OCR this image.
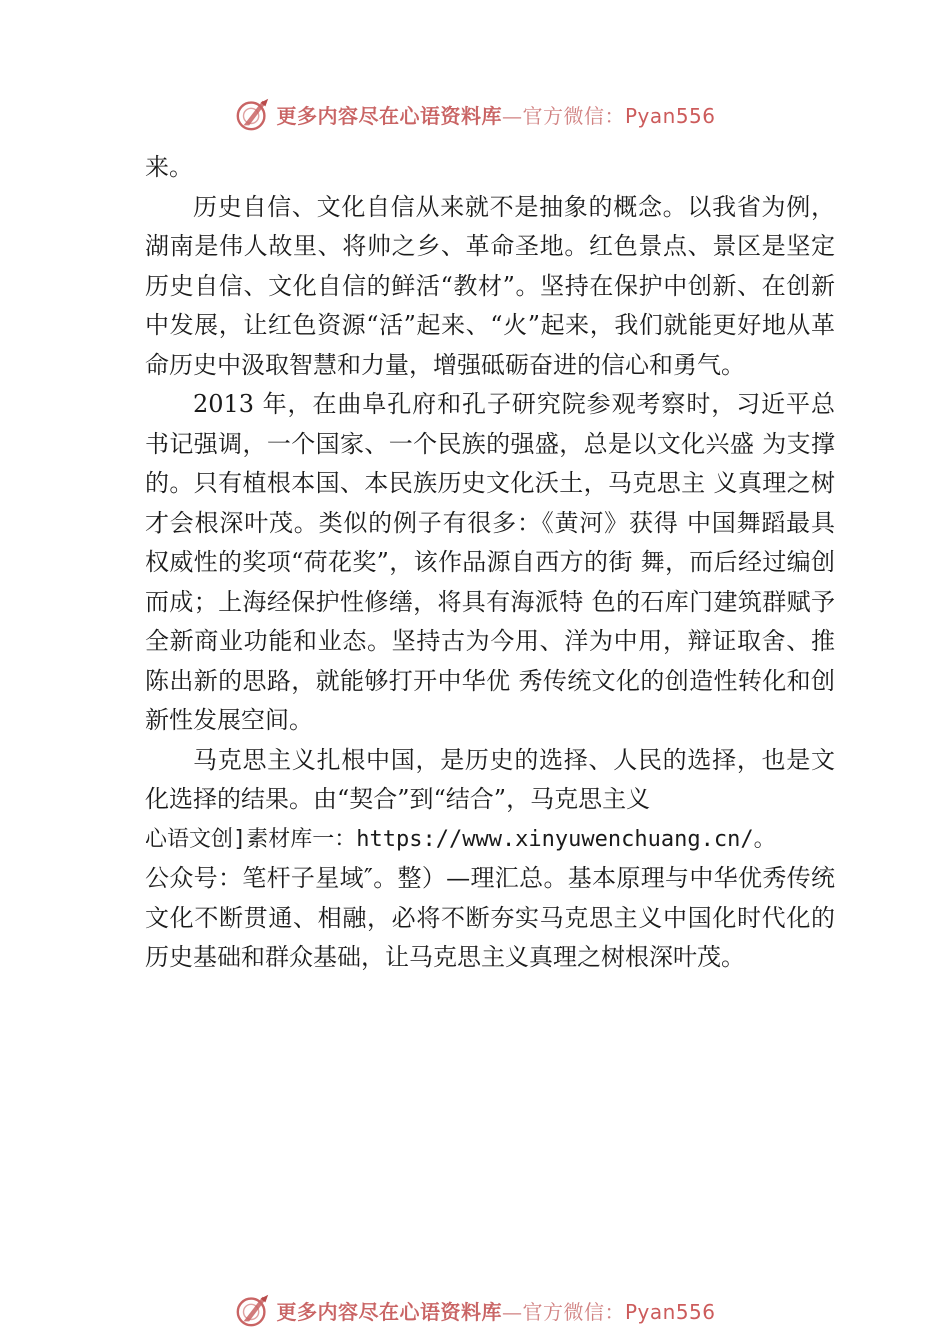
更多内容尽在心语资料库—官方微信：Pyan556

来。

历史自信、文化自信从来就不是抽象的概念。以我省为例，湖南是伟人故里、将帅之乡、革命圣地。红色景点、景区是坚定历史自信、文化自信的鲜活“教材”。坚持在保护中创新、在创新中发展，让红色资源“活”起来、“火”起来，我们就能更好地从革命历史中汲取智慧和力量，增强砥砺奋进的信心和勇气。

2013 年，在曲阜孔府和孔子研究院参观考察时，习近平总书记强调，一个国家、一个民族的强盛，总是以文化兴盛 为支撑的。只有植根本国、本民族历史文化沃土，马克思主 义真理之树才会根深叶茂。类似的例子有很多：《黄河》获得 中国舞蹈最具权威性的奖项“荷花奖”，该作品源自西方的街 舞，而后经过编创而成；上海经保护性修缮，将具有海派特 色的石库门建筑群赋予全新商业功能和业态。坚持古为今用、洋为中用，辩证取舍、推陈出新的思路，就能够打开中华优 秀传统文化的创造性转化和创新性发展空间。

马克思主义扎根中国，是历史的选择、人民的选择，也是文化选择的结果。由“契合”到“结合”，马克思主义

心语文创]素材库一：https://www.xinyuwenchuang.cn/。

公众号：笔杆子星域″。整）—理汇总。基本原理与中华优秀传统文化不断贯通、相融，必将不断夯实马克思主义中国化时代化的历史基础和群众基础，让马克思主义真理之树根深叶茂。

更多内容尽在心语资料库—官方微信：Pyan556
